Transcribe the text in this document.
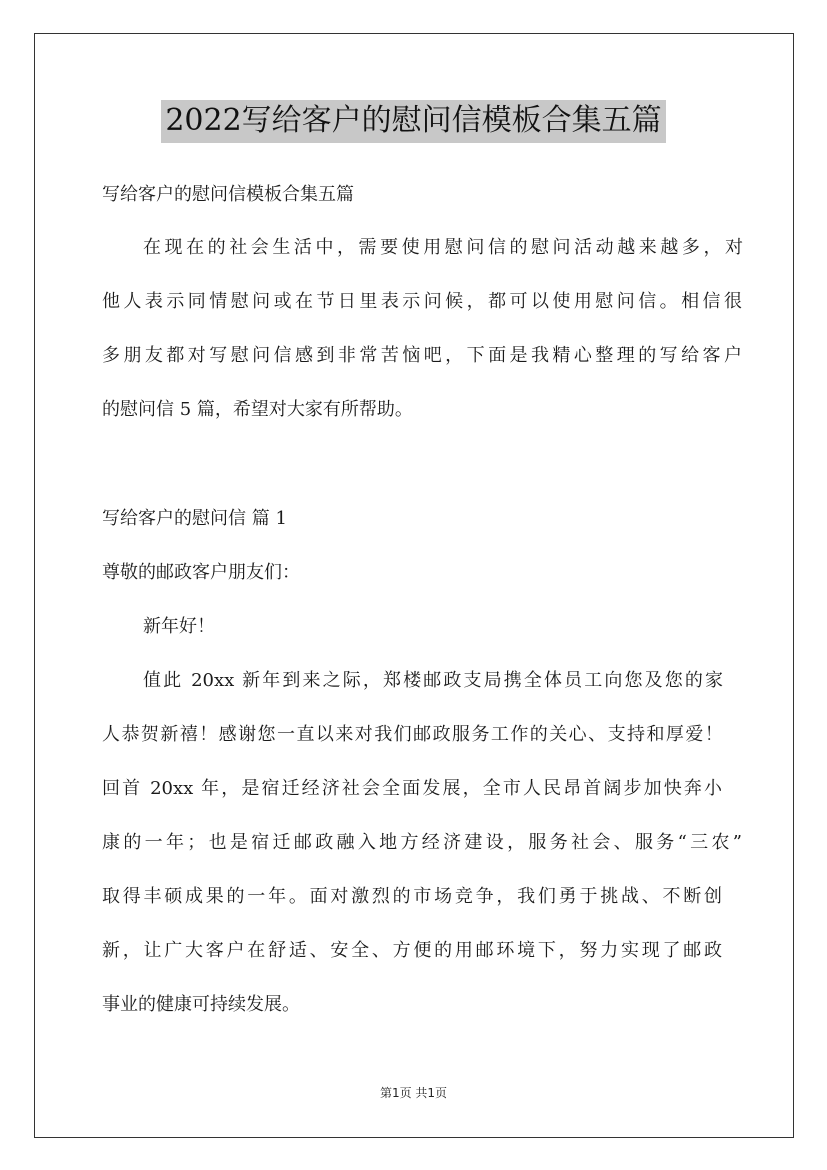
2022写给客户的慰问信模板合集五篇

写给客户的慰问信模板合集五篇

在现在的社会生活中，需要使用慰问信的慰问活动越来越多，对

他人表示同情慰问或在节日里表示问候，都可以使用慰问信。相信很

多朋友都对写慰问信感到非常苦恼吧，下面是我精心整理的写给客户

的慰问信 5 篇，希望对大家有所帮助。

写给客户的慰问信 篇 1

尊敬的邮政客户朋友们：

新年好！

值此 20xx 新年到来之际，郑楼邮政支局携全体员工向您及您的家

人恭贺新禧！感谢您一直以来对我们邮政服务工作的关心、支持和厚爱！

回首 20xx 年，是宿迁经济社会全面发展，全市人民昂首阔步加快奔小

康的一年；也是宿迁邮政融入地方经济建设，服务社会、服务“三农”

取得丰硕成果的一年。面对激烈的市场竞争，我们勇于挑战、不断创

新，让广大客户在舒适、安全、方便的用邮环境下，努力实现了邮政

事业的健康可持续发展。

第1页 共1页
